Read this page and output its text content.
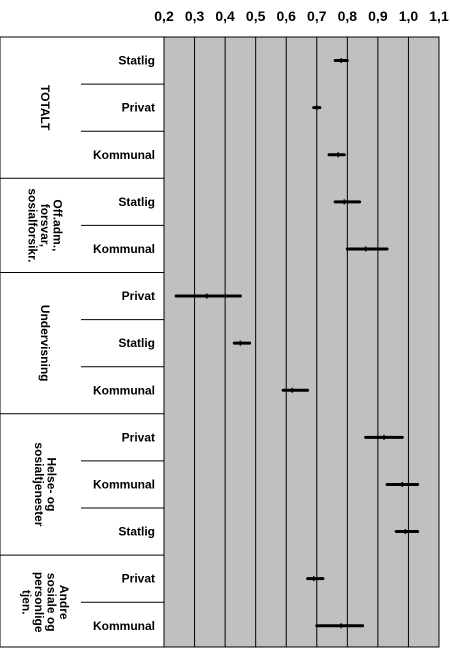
0,2 0,3 0,4 0,5 0,6 0,7 0,8 0,9 1,0 1,1
Statlig
Privat
Kommunal
Statlig
Kommunal
Privat
Statlig
Kommunal
Privat
Kommunal
Statlig
Privat
Kommunal
TOTALT
Off.adm.,forsvar,sosialforsikr.
Undervisning
Helse- ogsosialtjenester
Andresosiale ogpersonligetjen.
